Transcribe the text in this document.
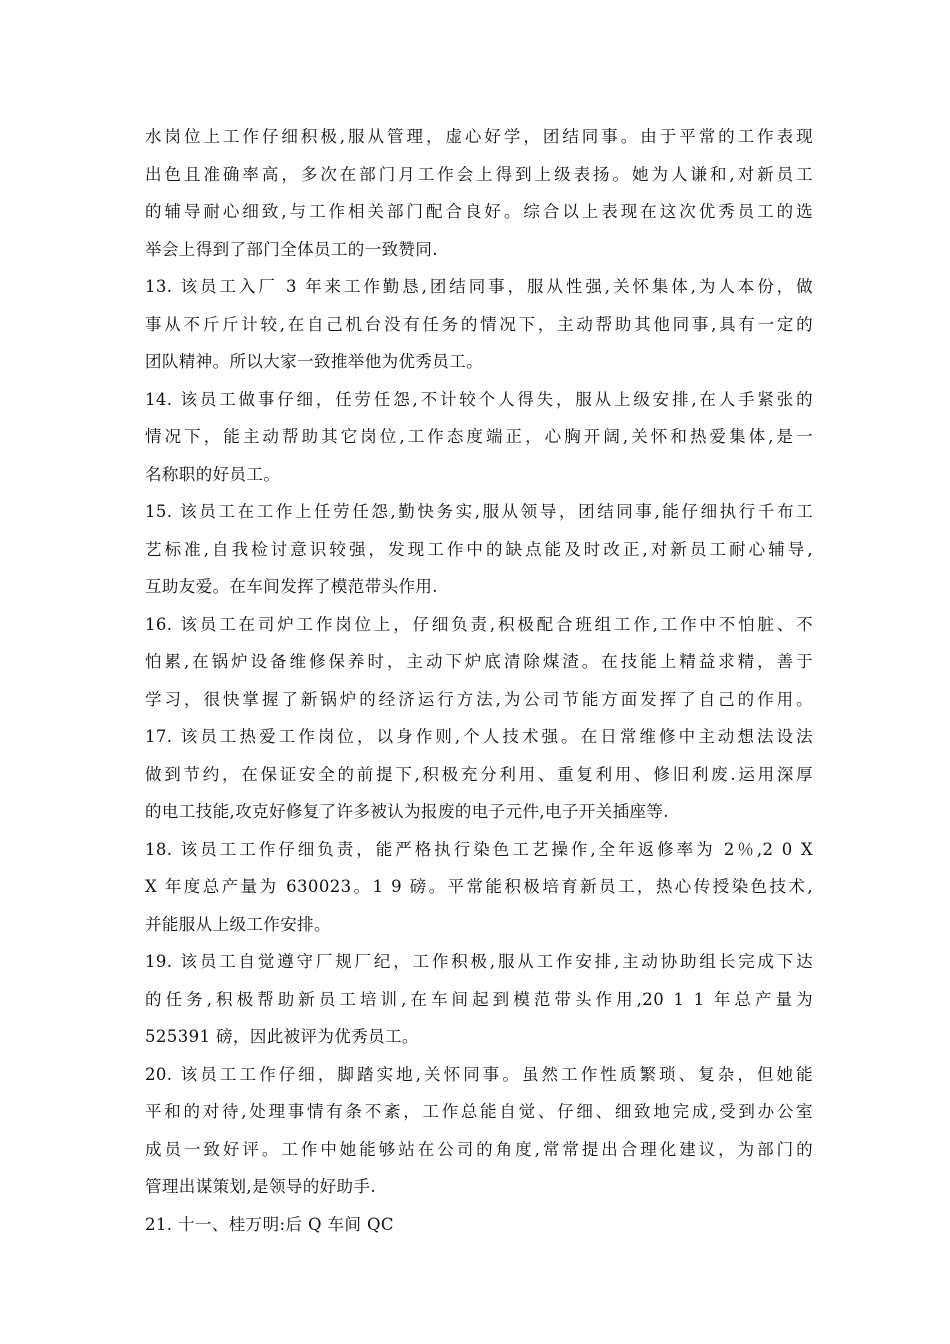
水岗位上工作仔细积极,服从管理，虚心好学，团结同事。由于平常的工作表现
出色且准确率高，多次在部门月工作会上得到上级表扬。她为人谦和,对新员工
的辅导耐心细致,与工作相关部门配合良好。综合以上表现在这次优秀员工的选
举会上得到了部门全体员工的一致赞同.
13. 该员工入厂 3 年来工作勤恳,团结同事，服从性强,关怀集体,为人本份，做
事从不斤斤计较,在自己机台没有任务的情况下，主动帮助其他同事,具有一定的
团队精神。所以大家一致推举他为优秀员工。
14. 该员工做事仔细，任劳任怨,不计较个人得失，服从上级安排,在人手紧张的
情况下，能主动帮助其它岗位,工作态度端正，心胸开阔,关怀和热爱集体,是一
名称职的好员工。
15. 该员工在工作上任劳任怨,勤快务实,服从领导，团结同事,能仔细执行千布工
艺标准,自我检讨意识较强，发现工作中的缺点能及时改正,对新员工耐心辅导,
互助友爱。在车间发挥了模范带头作用.
16. 该员工在司炉工作岗位上，仔细负责,积极配合班组工作,工作中不怕脏、不
怕累,在锅炉设备维修保养时，主动下炉底清除煤渣。在技能上精益求精，善于
学习，很快掌握了新锅炉的经济运行方法,为公司节能方面发挥了自己的作用。
17. 该员工热爱工作岗位，以身作则,个人技术强。在日常维修中主动想法设法
做到节约，在保证安全的前提下,积极充分利用、重复利用、修旧利废.运用深厚
的电工技能,攻克好修复了许多被认为报废的电子元件,电子开关插座等.
18. 该员工工作仔细负责，能严格执行染色工艺操作,全年返修率为 2％,2 0 X
X 年度总产量为 630023。1 9 磅。平常能积极培育新员工，热心传授染色技术,
并能服从上级工作安排。
19. 该员工自觉遵守厂规厂纪，工作积极,服从工作安排,主动协助组长完成下达
的任务,积极帮助新员工培训,在车间起到模范带头作用,20 1 1 年总产量为
525391 磅，因此被评为优秀员工。
20. 该员工工作仔细，脚踏实地,关怀同事。虽然工作性质繁琐、复杂，但她能
平和的对待,处理事情有条不紊，工作总能自觉、仔细、细致地完成,受到办公室
成员一致好评。工作中她能够站在公司的角度,常常提出合理化建议，为部门的
管理出谋策划,是领导的好助手.
21. 十一、桂万明:后 Q 车间 QC
